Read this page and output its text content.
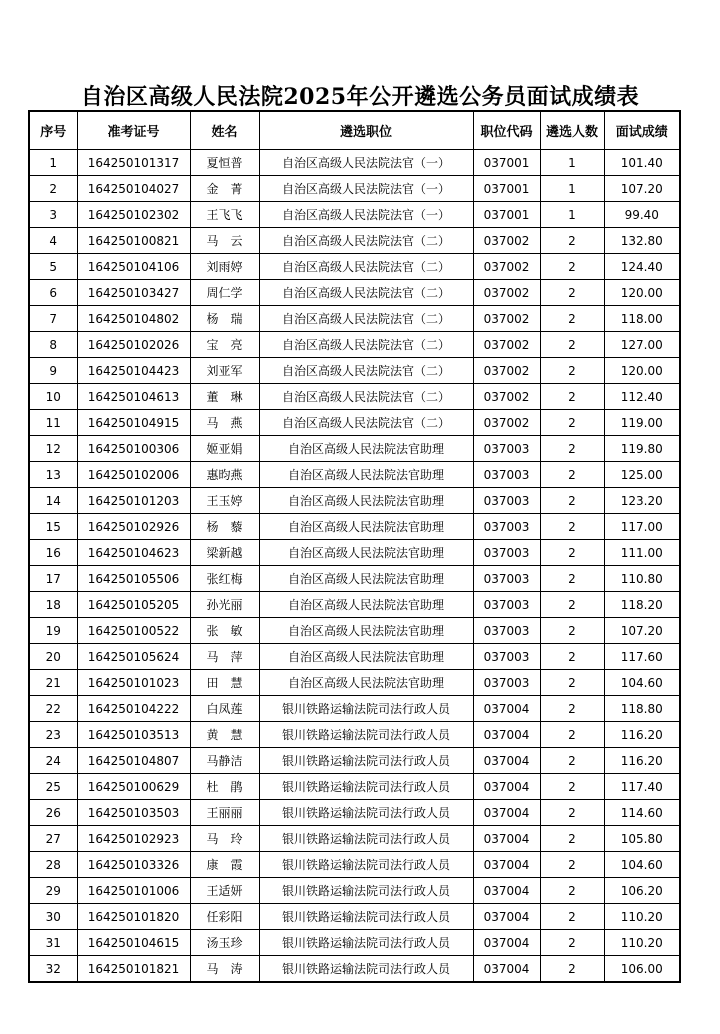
自治区高级人民法院2025年公开遴选公务员面试成绩表
序号	准考证号	姓名	遴选职位	职位代码	遴选人数	面试成绩
1	164250101317	夏恒普	自治区高级人民法院法官（一）	037001	1	101.40
2	164250104027	金　菁	自治区高级人民法院法官（一）	037001	1	107.20
3	164250102302	王飞飞	自治区高级人民法院法官（一）	037001	1	99.40
4	164250100821	马　云	自治区高级人民法院法官（二）	037002	2	132.80
5	164250104106	刘雨婷	自治区高级人民法院法官（二）	037002	2	124.40
6	164250103427	周仁学	自治区高级人民法院法官（二）	037002	2	120.00
7	164250104802	杨　瑞	自治区高级人民法院法官（二）	037002	2	118.00
8	164250102026	宝　亮	自治区高级人民法院法官（二）	037002	2	127.00
9	164250104423	刘亚军	自治区高级人民法院法官（二）	037002	2	120.00
10	164250104613	董　琳	自治区高级人民法院法官（二）	037002	2	112.40
11	164250104915	马　燕	自治区高级人民法院法官（二）	037002	2	119.00
12	164250100306	姬亚娟	自治区高级人民法院法官助理	037003	2	119.80
13	164250102006	惠昀燕	自治区高级人民法院法官助理	037003	2	125.00
14	164250101203	王玉婷	自治区高级人民法院法官助理	037003	2	123.20
15	164250102926	杨　藜	自治区高级人民法院法官助理	037003	2	117.00
16	164250104623	梁新越	自治区高级人民法院法官助理	037003	2	111.00
17	164250105506	张红梅	自治区高级人民法院法官助理	037003	2	110.80
18	164250105205	孙光丽	自治区高级人民法院法官助理	037003	2	118.20
19	164250100522	张　敏	自治区高级人民法院法官助理	037003	2	107.20
20	164250105624	马　萍	自治区高级人民法院法官助理	037003	2	117.60
21	164250101023	田　慧	自治区高级人民法院法官助理	037003	2	104.60
22	164250104222	白凤莲	银川铁路运输法院司法行政人员	037004	2	118.80
23	164250103513	黄　慧	银川铁路运输法院司法行政人员	037004	2	116.20
24	164250104807	马静洁	银川铁路运输法院司法行政人员	037004	2	116.20
25	164250100629	杜　鹃	银川铁路运输法院司法行政人员	037004	2	117.40
26	164250103503	王丽丽	银川铁路运输法院司法行政人员	037004	2	114.60
27	164250102923	马　玲	银川铁路运输法院司法行政人员	037004	2	105.80
28	164250103326	康　霞	银川铁路运输法院司法行政人员	037004	2	104.60
29	164250101006	王适妍	银川铁路运输法院司法行政人员	037004	2	106.20
30	164250101820	任彩阳	银川铁路运输法院司法行政人员	037004	2	110.20
31	164250104615	汤玉珍	银川铁路运输法院司法行政人员	037004	2	110.20
32	164250101821	马　涛	银川铁路运输法院司法行政人员	037004	2	106.00
